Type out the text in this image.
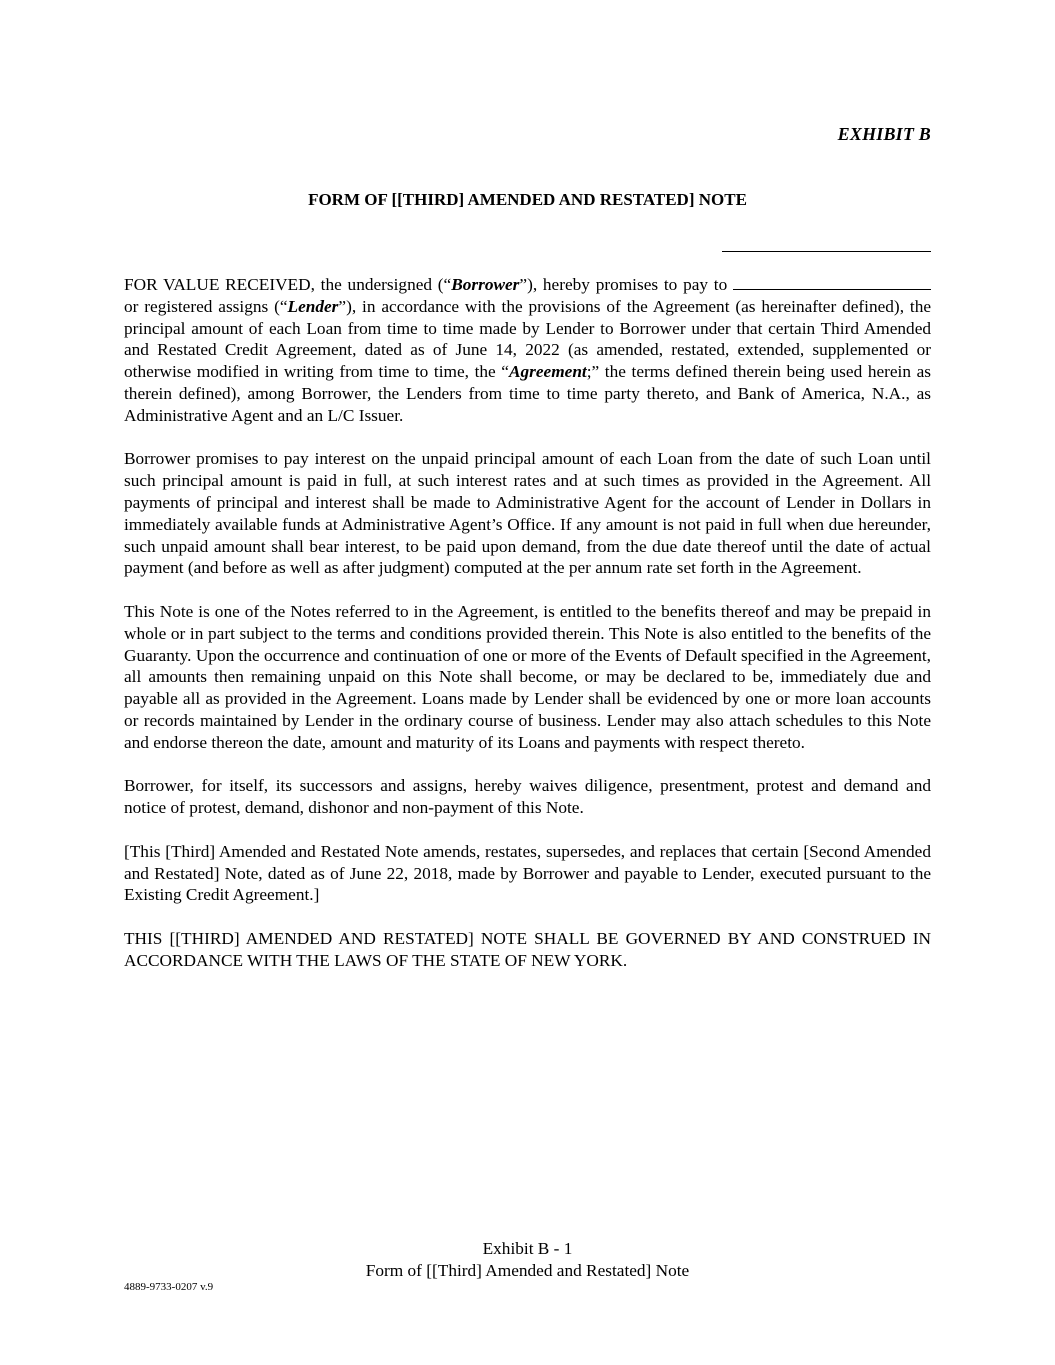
EXHIBIT B
FORM OF [[THIRD] AMENDED AND RESTATED] NOTE

FOR VALUE RECEIVED, the undersigned (“Borrower”), hereby promises to pay to  or registered assigns (“Lender”), in accordance with the provisions of the Agreement (as hereinafter defined), the principal amount of each Loan from time to time made by Lender to Borrower under that certain Third Amended and Restated Credit Agreement, dated as of June 14, 2022 (as amended, restated, extended, supplemented or otherwise modified in writing from time to time, the “Agreement;” the terms defined therein being used herein as therein defined), among Borrower, the Lenders from time to time party thereto, and Bank of America, N.A., as Administrative Agent and an L/C Issuer.

Borrower promises to pay interest on the unpaid principal amount of each Loan from the date of such Loan until such principal amount is paid in full, at such interest rates and at such times as provided in the Agreement. All payments of principal and interest shall be made to Administrative Agent for the account of Lender in Dollars in immediately available funds at Administrative Agent’s Office. If any amount is not paid in full when due hereunder, such unpaid amount shall bear interest, to be paid upon demand, from the due date thereof until the date of actual payment (and before as well as after judgment) computed at the per annum rate set forth in the Agreement.

This Note is one of the Notes referred to in the Agreement, is entitled to the benefits thereof and may be prepaid in whole or in part subject to the terms and conditions provided therein. This Note is also entitled to the benefits of the Guaranty. Upon the occurrence and continuation of one or more of the Events of Default specified in the Agreement, all amounts then remaining unpaid on this Note shall become, or may be declared to be, immediately due and payable all as provided in the Agreement. Loans made by Lender shall be evidenced by one or more loan accounts or records maintained by Lender in the ordinary course of business. Lender may also attach schedules to this Note and endorse thereon the date, amount and maturity of its Loans and payments with respect thereto.

Borrower, for itself, its successors and assigns, hereby waives diligence, presentment, protest and demand and notice of protest, demand, dishonor and non-payment of this Note.

[This [Third] Amended and Restated Note amends, restates, supersedes, and replaces that certain [Second Amended and Restated] Note, dated as of June 22, 2018, made by Borrower and payable to Lender, executed pursuant to the Existing Credit Agreement.]

THIS [[THIRD] AMENDED AND RESTATED] NOTE SHALL BE GOVERNED BY AND CONSTRUED IN ACCORDANCE WITH THE LAWS OF THE STATE OF NEW YORK.

Exhibit B - 1
Form of [[Third] Amended and Restated] Note
4889-9733-0207 v.9
